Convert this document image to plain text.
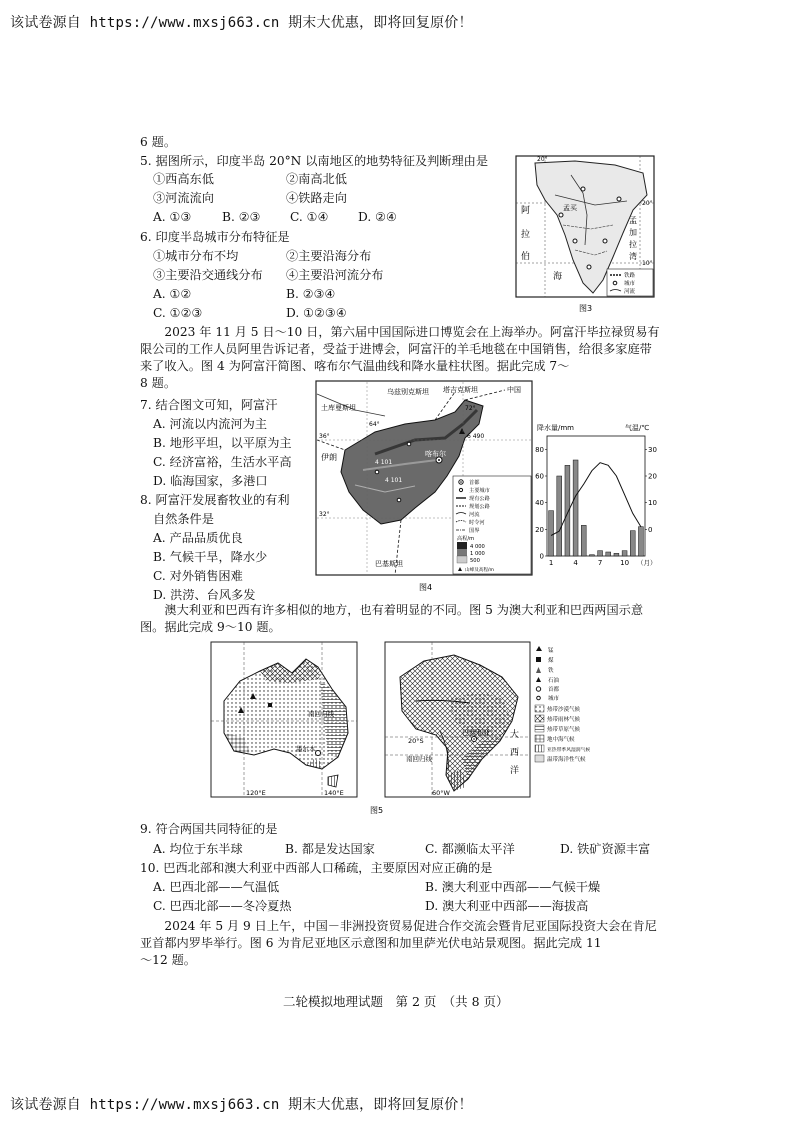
该试卷源自 https://www.mxsj663.cn 期末大优惠，即将回复原价！
6 题。
5. 据图所示，印度半岛 20°N 以南地区的地势特征及判断理由是
①西高东低	②南高北低
③河流流向	④铁路走向
A. ①③	B. ②③ C. ①④ D. ②④
6. 印度半岛城市分布特征是
①城市分布不均	②主要沿海分布
③主要沿交通线分布 ④主要沿河流分布
A. ①②	B. ②③④
C. ①②③	D. ①②③④
20°
20°
10°
孟买
阿
拉
伯
海
孟
加
拉
湾
铁路
城市
河流
图3
2023 年 11 月 5 日～10 日，第六届中国国际进口博览会在上海举办。阿富汗毕拉禄贸易有限公司的工作人员阿里告诉记者，受益于进博会，阿富汗的羊毛地毯在中国销售，给很多家庭带来了收入。图 4 为阿富汗简图、喀布尔气温曲线和降水量柱状图。据此完成 7～
8 题。
7. 结合图文可知，阿富汗
A. 河流以内流河为主
B. 地形平坦，以平原为主
C. 经济富裕，生活水平高
D. 临海国家，多港口
8. 阿富汗发展畜牧业的有利
自然条件是
A. 产品品质优良
B. 气候干旱，降水少
C. 对外销售困难
D. 洪涝、台风多发
土库曼斯坦
乌兹别克斯坦 塔吉克斯坦	中国
伊朗
巴基斯坦
喀布尔
4 101
4 101
6 490
36°
32°
64°
72°
首都
主要城市
现有公路
规划公路
河流
时令河
国界
高程/m
4 000
1 000
500
山峰及高程/m
图4
降水量/mm	气温/℃
0
20
40
60
80
0
10
20
30
1	4	7	10 （月）
澳大利亚和巴西有许多相似的地方，也有着明显的不同。图 5 为澳大利亚和巴西两国示意图。据此完成 9～10 题。
南回归线
墨尔本
120°E	140°E
巴西利亚
南回归线
20°S
60°W
大
西
洋
锰
煤
铁
石油
首都
城市
热带沙漠气候
热带雨林气候
热带草原气候
地中海气候
亚热带季风湿润气候
温带海洋性气候
图5
9. 符合两国共同特征的是
A. 均位于东半球	B. 都是发达国家	C. 都濒临太平洋	D. 铁矿资源丰富
10. 巴西北部和澳大利亚中西部人口稀疏，主要原因对应正确的是
A. 巴西北部——气温低	B. 澳大利亚中西部——气候干燥
C. 巴西北部——冬冷夏热	D. 澳大利亚中西部——海拔高
2024 年 5 月 9 日上午，中国－非洲投资贸易促进合作交流会暨肯尼亚国际投资大会在肯尼亚首都内罗毕举行。图 6 为肯尼亚地区示意图和加里萨光伏电站景观图。据此完成 11
～12 题。
二轮模拟地理试题　第 2 页　（共 8 页）
该试卷源自 https://www.mxsj663.cn 期末大优惠，即将回复原价！
